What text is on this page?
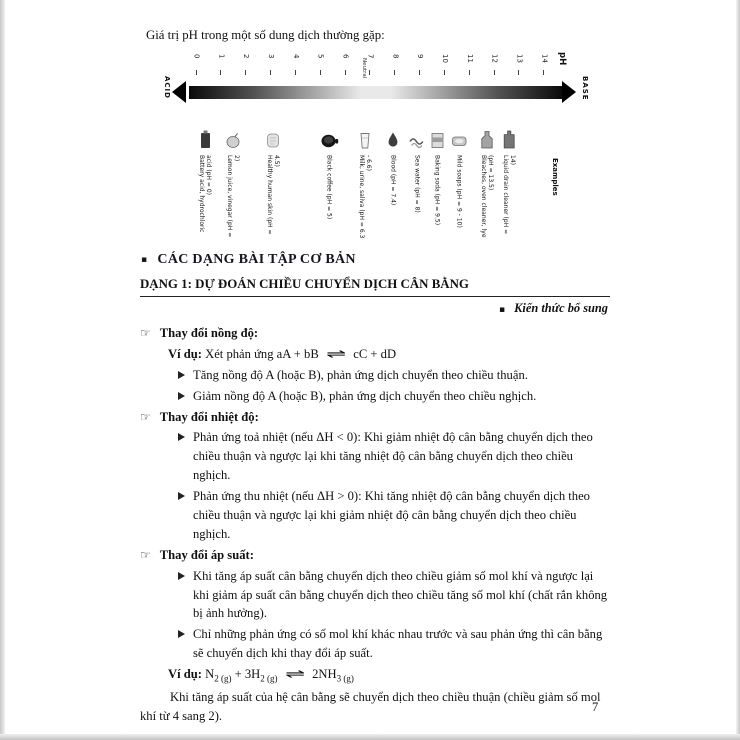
Giá trị pH trong một số dung dịch thường gặp:

0 1 2 3 4 5 6 7 8 9 10 11 12 13 14 pH
Neutral
ACID	BASE
Battery acid, hydrochloric acid (pH = 0) Lemon juice, vinegar (pH = 2)	Healthy human skin (pH = 4.5)	Black coffee (pH = 5)	Milk, urine, saliva (pH = 6.3 - 6.6)	Blood (pH = 7.4)	Sea water (pH = 8) Baking soda (pH = 9.5)	Mild soaps (pH = 9 - 10)	Bleaches, oven cleaner, lye (pH = 13.5) Liquid drain cleaner (pH = 14)	Examples
▪ CÁC DẠNG BÀI TẬP CƠ BẢN
DẠNG 1: DỰ ĐOÁN CHIỀU CHUYỂN DỊCH CÂN BẰNG
▪ Kiến thức bổ sung
☞ Thay đổi nồng độ:

Ví dụ: Xét phản ứng aA + bB ⇌ cC + dD

Tăng nồng độ A (hoặc B), phản ứng dịch chuyển theo chiều thuận.
Giảm nồng độ A (hoặc B), phản ứng dịch chuyển theo chiều nghịch.
☞ Thay đổi nhiệt độ:
Phản ứng toả nhiệt (nếu ΔH < 0): Khi giảm nhiệt độ cân bằng chuyển dịch theo chiều thuận và ngược lại khi tăng nhiệt độ cân bằng chuyển dịch theo chiều nghịch.
Phản ứng thu nhiệt (nếu ΔH > 0): Khi tăng nhiệt độ cân bằng chuyển dịch theo chiều thuận và ngược lại khi giảm nhiệt độ cân bằng chuyển dịch theo chiều nghịch.
☞ Thay đổi áp suất:
Khi tăng áp suất cân bằng chuyển dịch theo chiều giảm số mol khí và ngược lại khi giảm áp suất cân bằng chuyển dịch theo chiều tăng số mol khí (chất rắn không bị ảnh hưởng).
Chỉ những phản ứng có số mol khí khác nhau trước và sau phản ứng thì cân bằng sẽ chuyển dịch khi thay đổi áp suất.

Ví dụ: $N_{2 (g)} + 3H_{2 (g)}$ ⇌ $2NH_{3 (g)}$

Khi tăng áp suất của hệ cân bằng sẽ chuyển dịch theo chiều thuận (chiều giảm số mol khí từ 4 sang 2).

7
